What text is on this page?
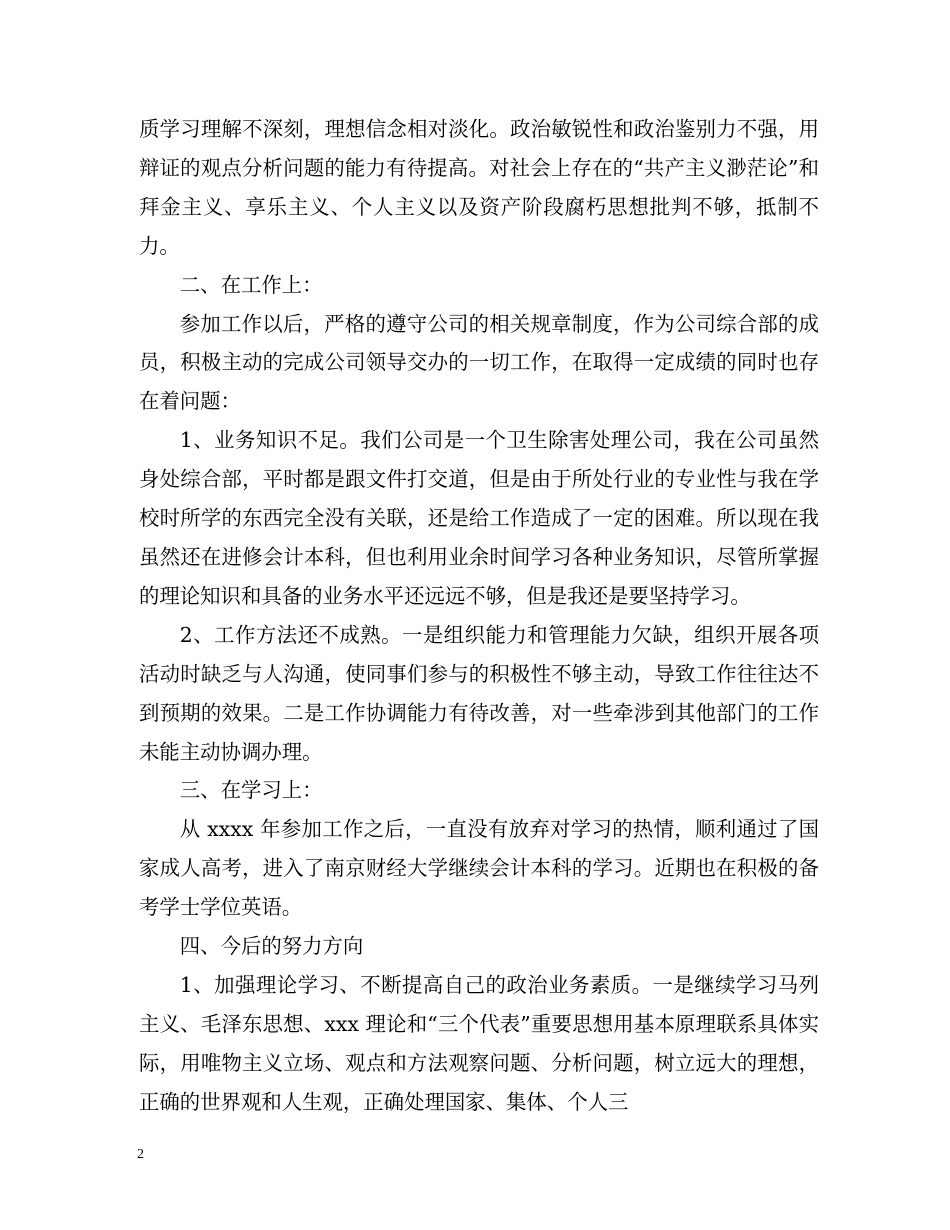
质学习理解不深刻，理想信念相对淡化。政治敏锐性和政治鉴别力不强，用辩证的观点分析问题的能力有待提高。对社会上存在的“共产主义渺茫论”和拜金主义、享乐主义、个人主义以及资产阶段腐朽思想批判不够，抵制不力。

二、在工作上：

参加工作以后，严格的遵守公司的相关规章制度，作为公司综合部的成员，积极主动的完成公司领导交办的一切工作，在取得一定成绩的同时也存在着问题：

1、业务知识不足。我们公司是一个卫生除害处理公司，我在公司虽然身处综合部，平时都是跟文件打交道，但是由于所处行业的专业性与我在学校时所学的东西完全没有关联，还是给工作造成了一定的困难。所以现在我虽然还在进修会计本科，但也利用业余时间学习各种业务知识，尽管所掌握的理论知识和具备的业务水平还远远不够，但是我还是要坚持学习。

2、工作方法还不成熟。一是组织能力和管理能力欠缺，组织开展各项活动时缺乏与人沟通，使同事们参与的积极性不够主动，导致工作往往达不到预期的效果。二是工作协调能力有待改善，对一些牵涉到其他部门的工作未能主动协调办理。

三、在学习上：

从 xxxx 年参加工作之后，一直没有放弃对学习的热情，顺利通过了国家成人高考，进入了南京财经大学继续会计本科的学习。近期也在积极的备考学士学位英语。

四、今后的努力方向

1、加强理论学习、不断提高自己的政治业务素质。一是继续学习马列主义、毛泽东思想、xxx 理论和“三个代表”重要思想用基本原理联系具体实际，用唯物主义立场、观点和方法观察问题、分析问题，树立远大的理想，正确的世界观和人生观，正确处理国家、集体、个人三

2
